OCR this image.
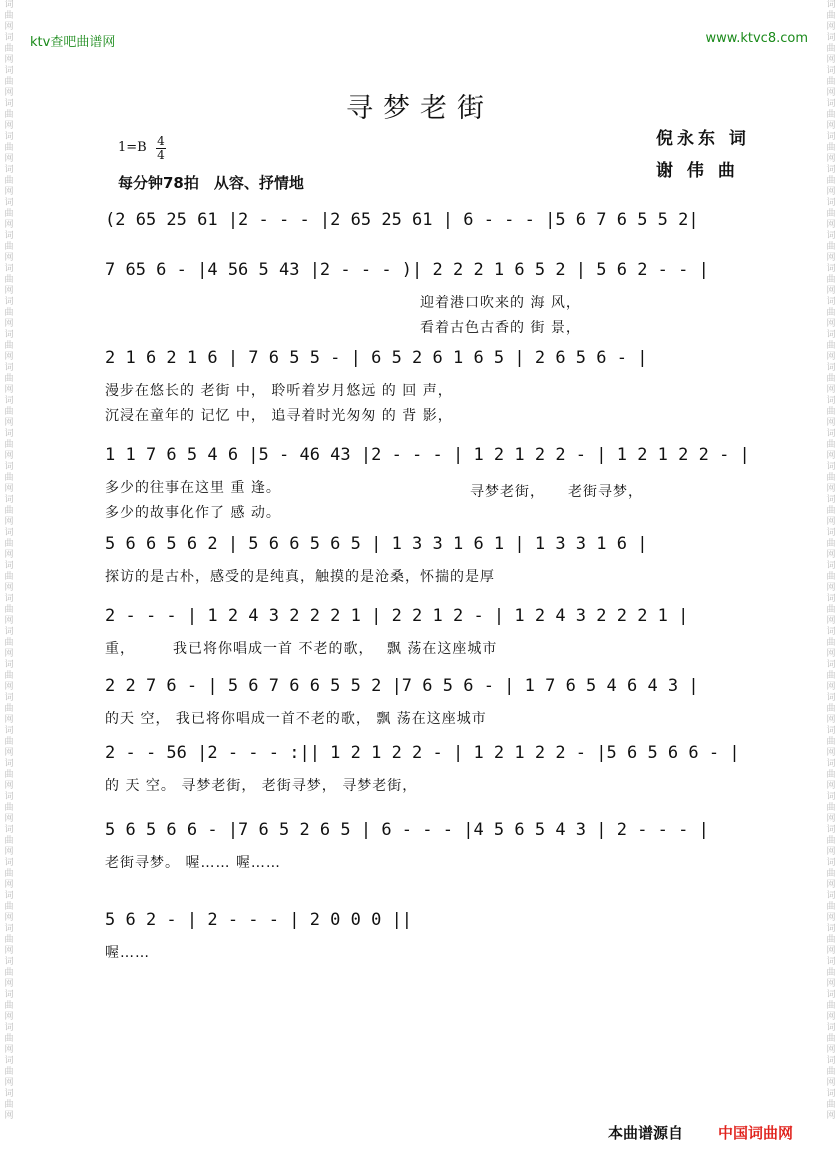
词曲网词曲网词曲网词曲网词曲网词曲网词曲网词曲网词曲网词曲网词曲网词曲网词曲网词曲网词曲网词曲网词曲网词曲网词曲网词曲网词曲网词曲网词曲网词曲网词曲网词曲网词曲网词曲网词曲网词曲网词曲网词曲网词曲网词曲网
词曲网词曲网词曲网词曲网词曲网词曲网词曲网词曲网词曲网词曲网词曲网词曲网词曲网词曲网词曲网词曲网词曲网词曲网词曲网词曲网词曲网词曲网词曲网词曲网词曲网词曲网词曲网词曲网词曲网词曲网词曲网词曲网词曲网词曲网
ktv查吧曲谱网	www.ktvc8.com
寻梦老街
1=B 4
4
每分钟78拍　从容、抒情地
倪永东 词
谢 伟 曲
(2 65 25 61 |2 - - - |2 65 25 61 | 6 - - - |5 6 7 6 5 5 2|
7 65 6 - |4 56 5 43 |2 - - - )| 2 2 2 1 6 5 2 | 5 6 2 - - |
　　　　　　　　　　　　　　　　　　　　　迎着港口吹来的 海 风，
　　　　　　　　　　　　　　　　　　　　　看着古色古香的 街 景，
2 1 6 2 1 6 | 7 6 5 5 - | 6 5 2 6 1 6 5 | 2 6 5 6 - |
漫步在悠长的 老街 中， 聆听着岁月悠远 的 回 声，
沉浸在童年的 记忆 中， 追寻着时光匆匆 的 背 影，
1 1 7 6 5 4 6 |5 - 46 43 |2 - - - | 1 2 1 2 2 - | 1 2 1 2 2 - |
多少的往事在这里 重 逢。
多少的故事化作了 感 动。
5 6 6 5 6 2 | 5 6 6 5 6 5 | 1 3 3 1 6 1 | 1 3 3 1 6 |
探访的是古朴，感受的是纯真，触摸的是沧桑，怀揣的是厚
2 - - - | 1 2 4 3 2 2 2 1 | 2 2 1 2 - | 1 2 4 3 2 2 2 1 |
重，　　　我已将你唱成一首 不老的歌，　 飘 荡在这座城市
2 2 7 6 - | 5 6 7 6 6 5 5 2 |7 6 5 6 - | 1 7 6 5 4 6 4 3 |
的天 空， 我已将你唱成一首不老的歌， 飘 荡在这座城市
2 - - 56 |2 - - - :|| 1 2 1 2 2 - | 1 2 1 2 2 - |5 6 5 6 6 - |
的 天 空。 寻梦老街， 老街寻梦， 寻梦老街，
5 6 5 6 6 - |7 6 5 2 6 5 | 6 - - - |4 5 6 5 4 3 | 2 - - - |
老街寻梦。 喔…… 喔……
5 6 2 - | 2 - - - | 2 0 0 0 ||
喔……
寻梦老街，　　老街寻梦，
本曲谱源自 中国词曲网
